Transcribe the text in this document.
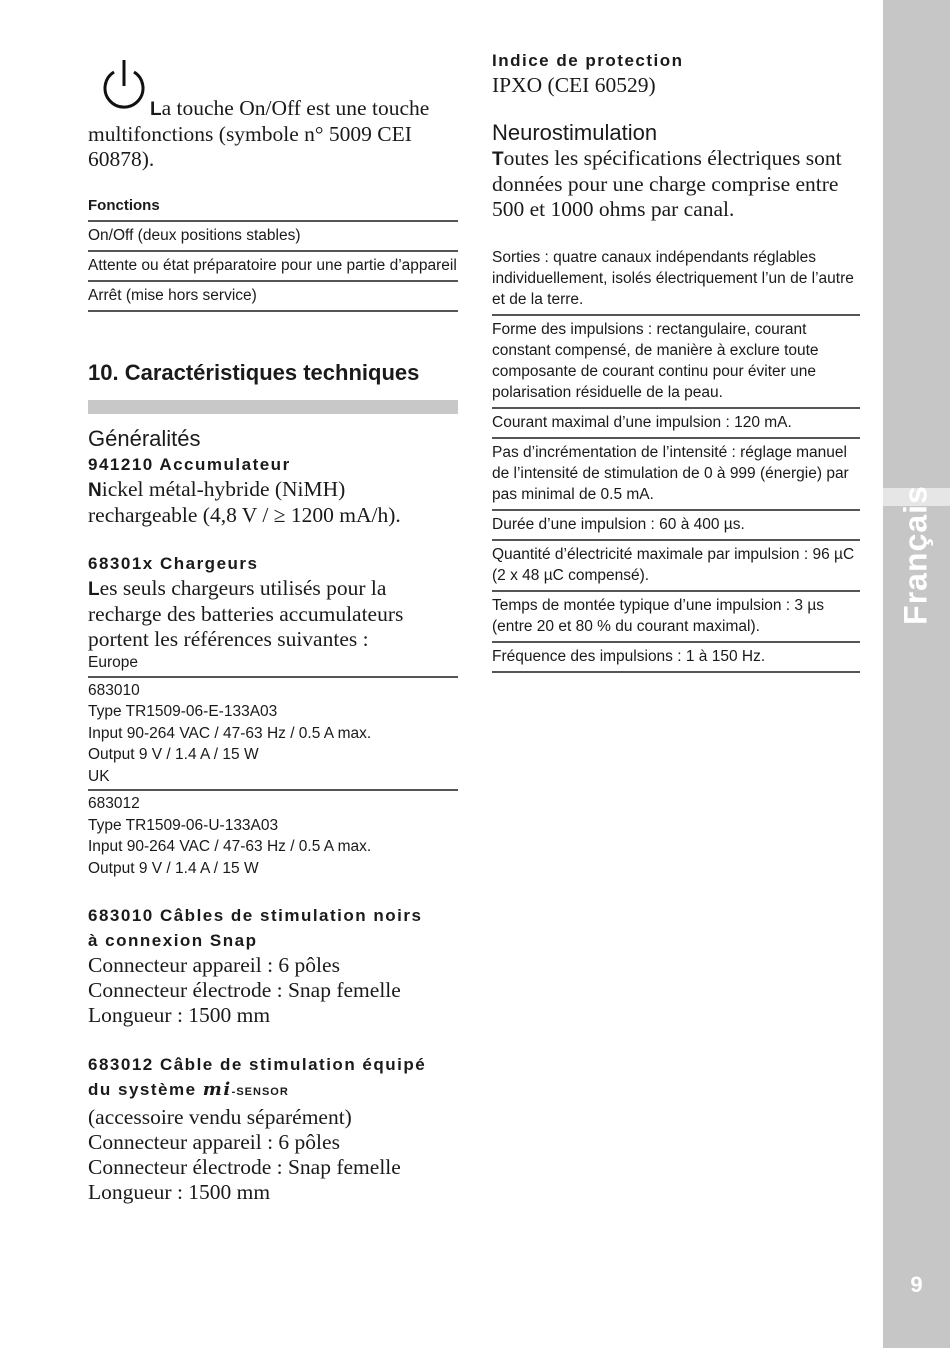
La touche On/Off est une touche multifonctions (symbole n° 5009 CEI 60878).

Fonctions
On/Off (deux positions stables)
Attente ou état préparatoire pour une partie d’appareil
Arrêt (mise hors service)
10. Caractéristiques techniques
Généralités
941210 Accumulateur

Nickel métal-hybride (NiMH) rechargeable (4,8 V / ≥ 1200 mA/h).

68301x Chargeurs

Les seuls chargeurs utilisés pour la recharge des batteries accumulateurs portent les références suivantes :

Europe
683010
Type TR1509-06-E-133A03
Input 90-264 VAC / 47-63 Hz / 0.5 A max.
Output 9 V / 1.4 A / 15 W
UK
683012
Type TR1509-06-U-133A03
Input 90-264 VAC / 47-63 Hz / 0.5 A max.
Output 9 V / 1.4 A / 15 W
683010 Câbles de stimulation noirs à connexion Snap
Connecteur appareil : 6 pôles
Connecteur électrode : Snap femelle
Longueur : 1500 mm
683012 Câble de stimulation équipé du système mi-SENSOR
(accessoire vendu séparément)
Connecteur appareil : 6 pôles
Connecteur électrode : Snap femelle
Longueur : 1500 mm
Indice de protection
IPXO (CEI 60529)
Neurostimulation

Toutes les spécifications électriques sont données pour une charge comprise entre 500 et 1000 ohms par canal.

Sorties : quatre canaux indépendants réglables individuellement, isolés électriquement l’un de l’autre et de la terre.
Forme des impulsions : rectangulaire, courant constant compensé, de manière à exclure toute composante de courant continu pour éviter une polarisation résiduelle de la peau.
Courant maximal d’une impulsion : 120 mA.
Pas d’incrémentation de l’intensité : réglage manuel de l’intensité de stimulation de 0 à 999 (énergie) par pas minimal de 0.5 mA.
Durée d’une impulsion : 60 à 400 µs.
Quantité d’électricité maximale par impulsion : 96 µC (2 x 48 µC compensé).
Temps de montée typique d’une impulsion : 3 µs (entre 20 et 80 % du courant maximal).
Fréquence des impulsions : 1 à 150 Hz.
Français
9
